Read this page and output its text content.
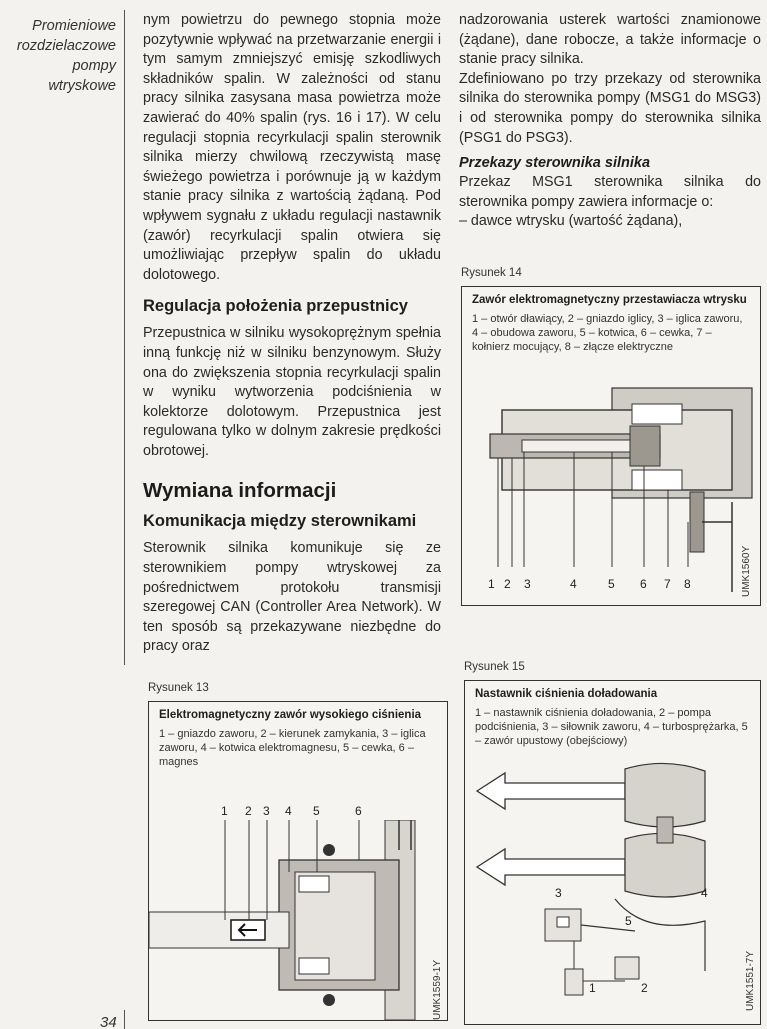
Promieniowe
rozdzielaczowe
pompy
wtryskowe
34

nym powietrzu do pewnego stopnia może pozytywnie wpływać na przetwarzanie energii i tym samym zmniejszyć emisję szkodliwych składników spalin. W zależności od stanu pracy silnika zasysana masa powietrza może zawierać do 40% spalin (rys. 16 i 17). W celu regulacji stopnia recyrkulacji spalin sterownik silnika mierzy chwilową rzeczywistą masę świeżego powietrza i porównuje ją w każdym stanie pracy silnika z wartością żądaną. Pod wpływem sygnału z układu regulacji nastawnik (zawór) recyrkulacji spalin otwiera się umożliwiając przepływ spalin do układu dolotowego.

Regulacja położenia przepustnicy

Przepustnica w silniku wysokoprężnym spełnia inną funkcję niż w silniku benzynowym. Służy ona do zwiększenia stopnia recyrkulacji spalin w wyniku wytworzenia podciśnienia w kolektorze dolotowym. Przepustnica jest regulowana tylko w dolnym zakresie prędkości obrotowej.

Wymiana informacji
Komunikacja między sterownikami

Sterownik silnika komunikuje się ze sterownikiem pompy wtryskowej za pośrednictwem protokołu transmisji szeregowej CAN (Controller Area Network). W ten sposób są przekazywane niezbędne do pracy oraz

nadzorowania usterek wartości znamionowe (żądane), dane robocze, a także informacje o stanie pracy silnika.

Zdefiniowano po trzy przekazy od sterownika silnika do sterownika pompy (MSG1 do MSG3) i od sterownika pompy do sterownika silnika (PSG1 do PSG3).

Przekazy sterownika silnika

Przekaz MSG1 sterownika silnika do sterownika pompy zawiera informacje o:

– dawce wtrysku (wartość żądana),

Rysunek 14
Zawór elektromagnetyczny przestawiacza wtrysku
1 – otwór dławiący, 2 – gniazdo iglicy, 3 – iglica zaworu, 4 – obudowa zaworu, 5 – kotwica, 6 – cewka, 7 – kołnierz mocujący, 8 – złącze elektryczne
1 2 3	4	5 6 7 8	UMK1560Y
Rysunek 13
Elektromagnetyczny zawór wysokiego ciśnienia
1 – gniazdo zaworu, 2 – kierunek zamykania, 3 – iglica zaworu, 4 – kotwica elektromagnesu, 5 – cewka, 6 – magnes
1 2 3 4 5	6
UMK1559-1Y
Rysunek 15
Nastawnik ciśnienia doładowania
1 – nastawnik ciśnienia doładowania, 2 – pompa podciśnienia, 3 – siłownik zaworu, 4 – turbosprężarka, 5 – zawór upustowy (obejściowy)
3	4
5
1	2	UMK1551-7Y
